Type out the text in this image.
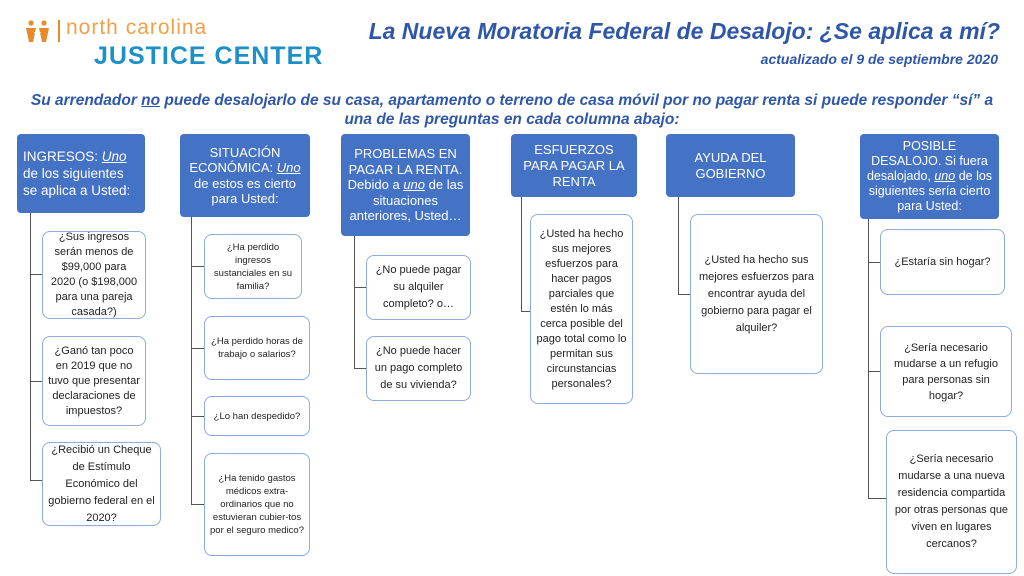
north carolina
JUSTICE CENTER
La Nueva Moratoria Federal de Desalojo: ¿Se aplica a mí?
actualizado el 9 de septiembre 2020
Su arrendador no puede desalojarlo de su casa, apartamento o terreno de casa móvil por no pagar renta si puede responder “sí” a una de las preguntas en cada columna abajo:
INGRESOS: Uno de los siguientes se aplica a Usted:
¿Sus ingresos serán menos de $99,000 para 2020 (o $198,000 para una pareja casada?)
¿Ganó tan poco en 2019 que no tuvo que presentar declaraciones de impuestos?
¿Recibió un Cheque de Estímulo Económico del gobierno federal en el 2020?
SITUACIÓN ECONÓMICA: Uno de estos es cierto para Usted:
¿Ha perdido ingresos sustanciales en su familia?
¿Ha perdido horas de trabajo o salarios?
¿Lo han despedido?
¿Ha tenido gastos médicos extra-ordinarios que no estuvieran cubier-tos por el seguro medico?
PROBLEMAS EN PAGAR LA RENTA. Debido a uno de las situaciones anteriores, Usted…
¿No puede pagar su alquiler completo? o…
¿No puede hacer un pago completo de su vivienda?
ESFUERZOS PARA PAGAR LA RENTA
¿Usted ha hecho sus mejores esfuerzos para hacer pagos parciales que estén lo más cerca posible del pago total como lo permitan sus circunstancias personales?
AYUDA DEL GOBIERNO
¿Usted ha hecho sus mejores esfuerzos para encontrar ayuda del gobierno para pagar el alquiler?
POSIBLE DESALOJO. Si fuera desalojado, uno de los siguientes sería cierto para Usted:
¿Estaría sin hogar?
¿Sería necesario mudarse a un refugio para personas sin hogar?
¿Sería necesario mudarse a una nueva residencia compartida por otras personas que viven en lugares cercanos?
